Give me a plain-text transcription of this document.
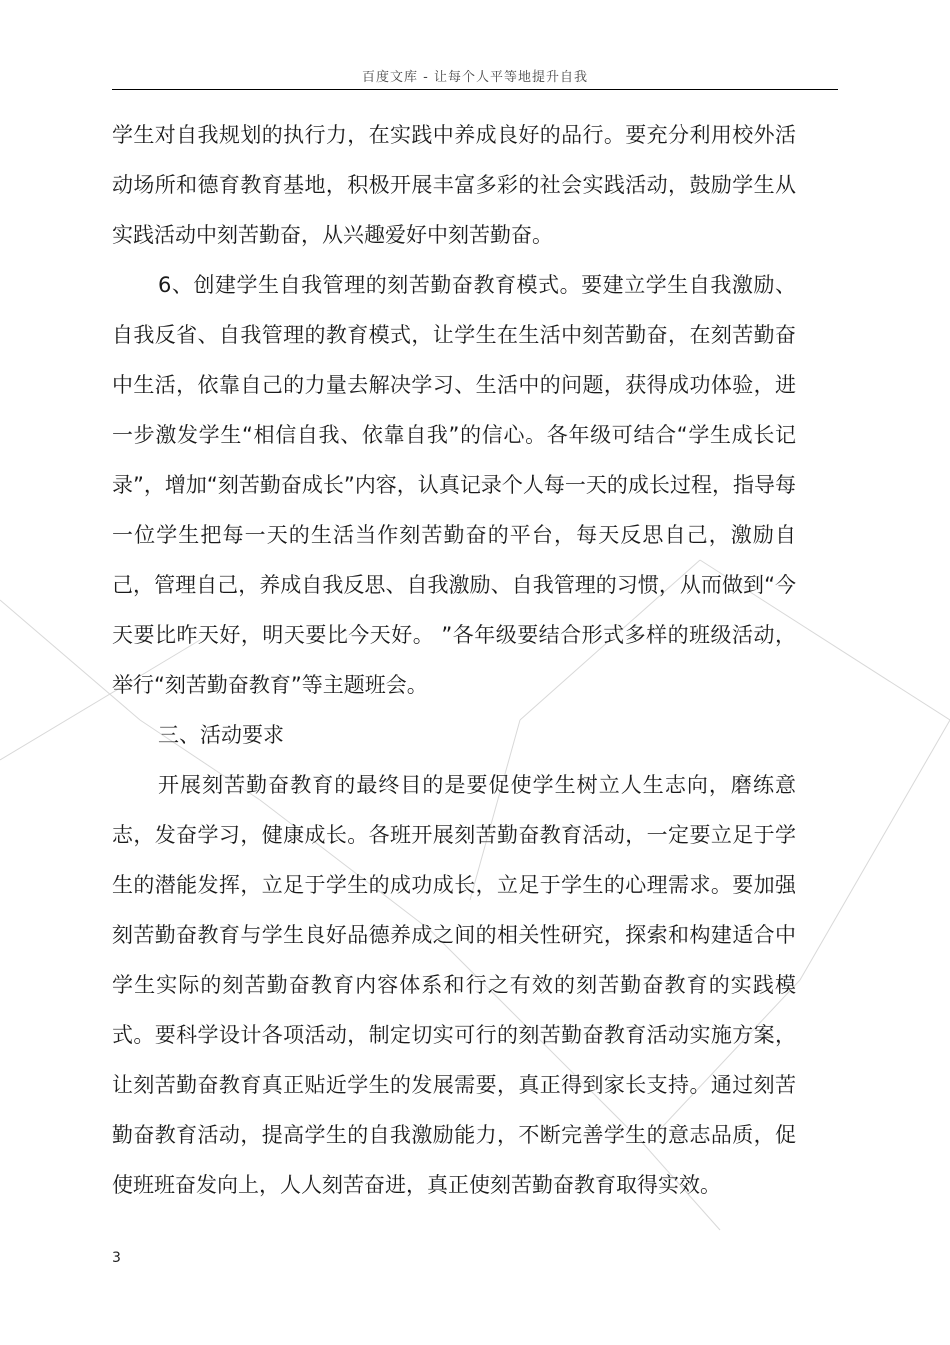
百度文库 - 让每个人平等地提升自我

学生对自我规划的执行力，在实践中养成良好的品行。要充分利用校外活动场所和德育教育基地，积极开展丰富多彩的社会实践活动，鼓励学生从实践活动中刻苦勤奋，从兴趣爱好中刻苦勤奋。

6、创建学生自我管理的刻苦勤奋教育模式。要建立学生自我激励、自我反省、自我管理的教育模式，让学生在生活中刻苦勤奋，在刻苦勤奋中生活，依靠自己的力量去解决学习、生活中的问题，获得成功体验，进一步激发学生“相信自我、依靠自我”的信心。各年级可结合“学生成长记录”，增加“刻苦勤奋成长”内容，认真记录个人每一天的成长过程，指导每一位学生把每一天的生活当作刻苦勤奋的平台，每天反思自己，激励自己，管理自己，养成自我反思、自我激励、自我管理的习惯，从而做到“今天要比昨天好，明天要比今天好。 ”各年级要结合形式多样的班级活动，举行“刻苦勤奋教育”等主题班会。

三、活动要求

开展刻苦勤奋教育的最终目的是要促使学生树立人生志向，磨练意志，发奋学习，健康成长。各班开展刻苦勤奋教育活动，一定要立足于学生的潜能发挥，立足于学生的成功成长，立足于学生的心理需求。要加强刻苦勤奋教育与学生良好品德养成之间的相关性研究，探索和构建适合中学生实际的刻苦勤奋教育内容体系和行之有效的刻苦勤奋教育的实践模式。要科学设计各项活动，制定切实可行的刻苦勤奋教育活动实施方案，让刻苦勤奋教育真正贴近学生的发展需要，真正得到家长支持。通过刻苦勤奋教育活动，提高学生的自我激励能力，不断完善学生的意志品质，促使班班奋发向上，人人刻苦奋进，真正使刻苦勤奋教育取得实效。

3
